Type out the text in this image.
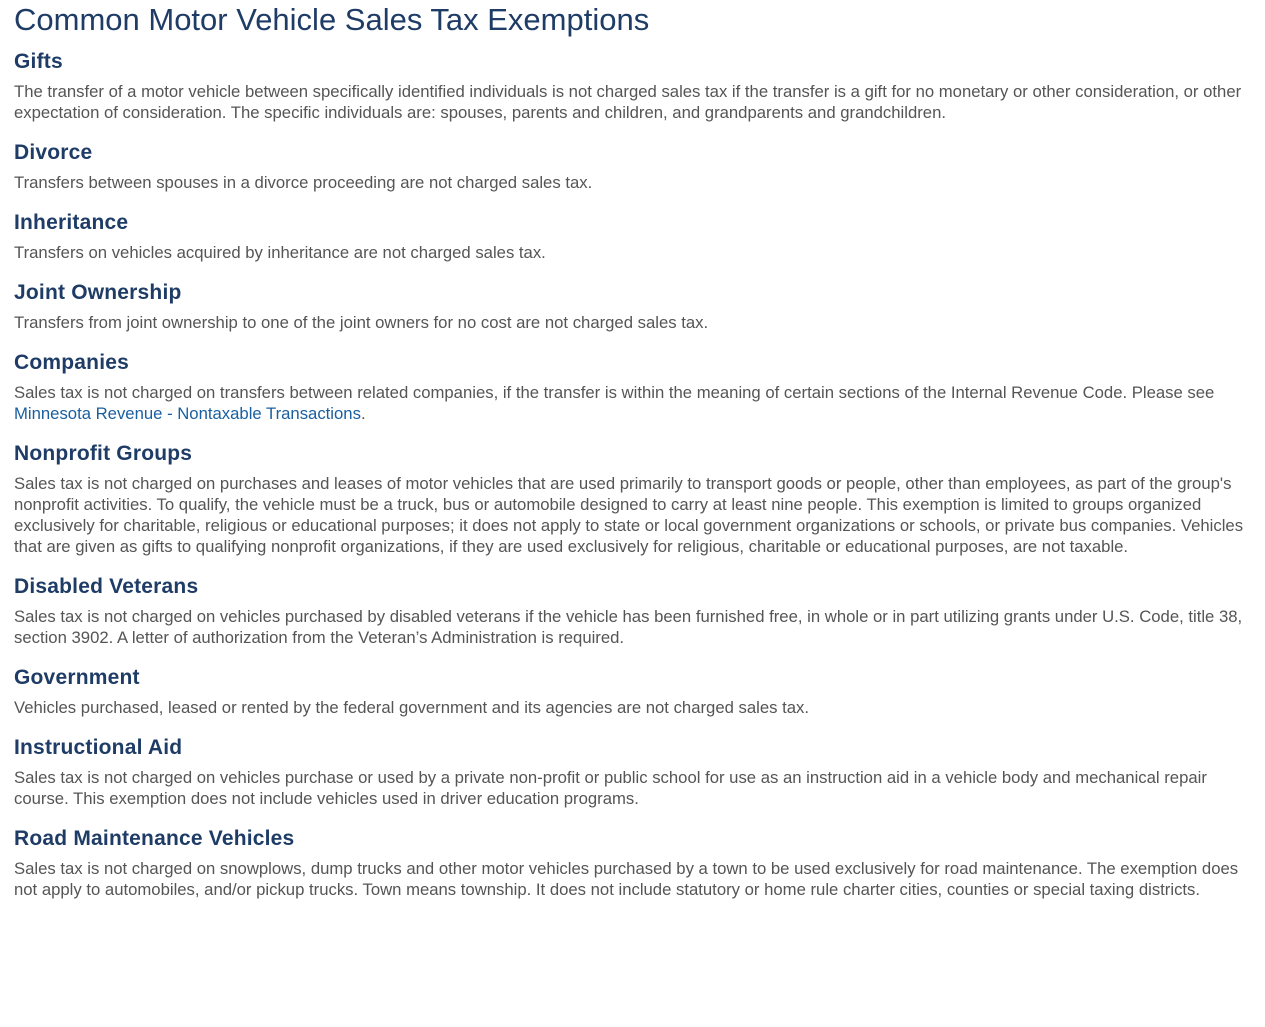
Common Motor Vehicle Sales Tax Exemptions
Gifts

The transfer of a motor vehicle between specifically identified individuals is not charged sales tax if the transfer is a gift for no monetary or other consideration, or other expectation of consideration. The specific individuals are: spouses, parents and children, and grandparents and grandchildren.

Divorce

Transfers between spouses in a divorce proceeding are not charged sales tax.

Inheritance

Transfers on vehicles acquired by inheritance are not charged sales tax.

Joint Ownership

Transfers from joint ownership to one of the joint owners for no cost are not charged sales tax.

Companies

Sales tax is not charged on transfers between related companies, if the transfer is within the meaning of certain sections of the Internal Revenue Code. Please see Minnesota Revenue - Nontaxable Transactions.

Nonprofit Groups

Sales tax is not charged on purchases and leases of motor vehicles that are used primarily to transport goods or people, other than employees, as part of the group's nonprofit activities. To qualify, the vehicle must be a truck, bus or automobile designed to carry at least nine people. This exemption is limited to groups organized exclusively for charitable, religious or educational purposes; it does not apply to state or local government organizations or schools, or private bus companies. Vehicles that are given as gifts to qualifying nonprofit organizations, if they are used exclusively for religious, charitable or educational purposes, are not taxable.

Disabled Veterans

Sales tax is not charged on vehicles purchased by disabled veterans if the vehicle has been furnished free, in whole or in part utilizing grants under U.S. Code, title 38, section 3902. A letter of authorization from the Veteran’s Administration is required.

Government

Vehicles purchased, leased or rented by the federal government and its agencies are not charged sales tax.

Instructional Aid

Sales tax is not charged on vehicles purchase or used by a private non-profit or public school for use as an instruction aid in a vehicle body and mechanical repair course. This exemption does not include vehicles used in driver education programs.

Road Maintenance Vehicles

Sales tax is not charged on snowplows, dump trucks and other motor vehicles purchased by a town to be used exclusively for road maintenance. The exemption does not apply to automobiles, and/or pickup trucks. Town means township. It does not include statutory or home rule charter cities, counties or special taxing districts.
